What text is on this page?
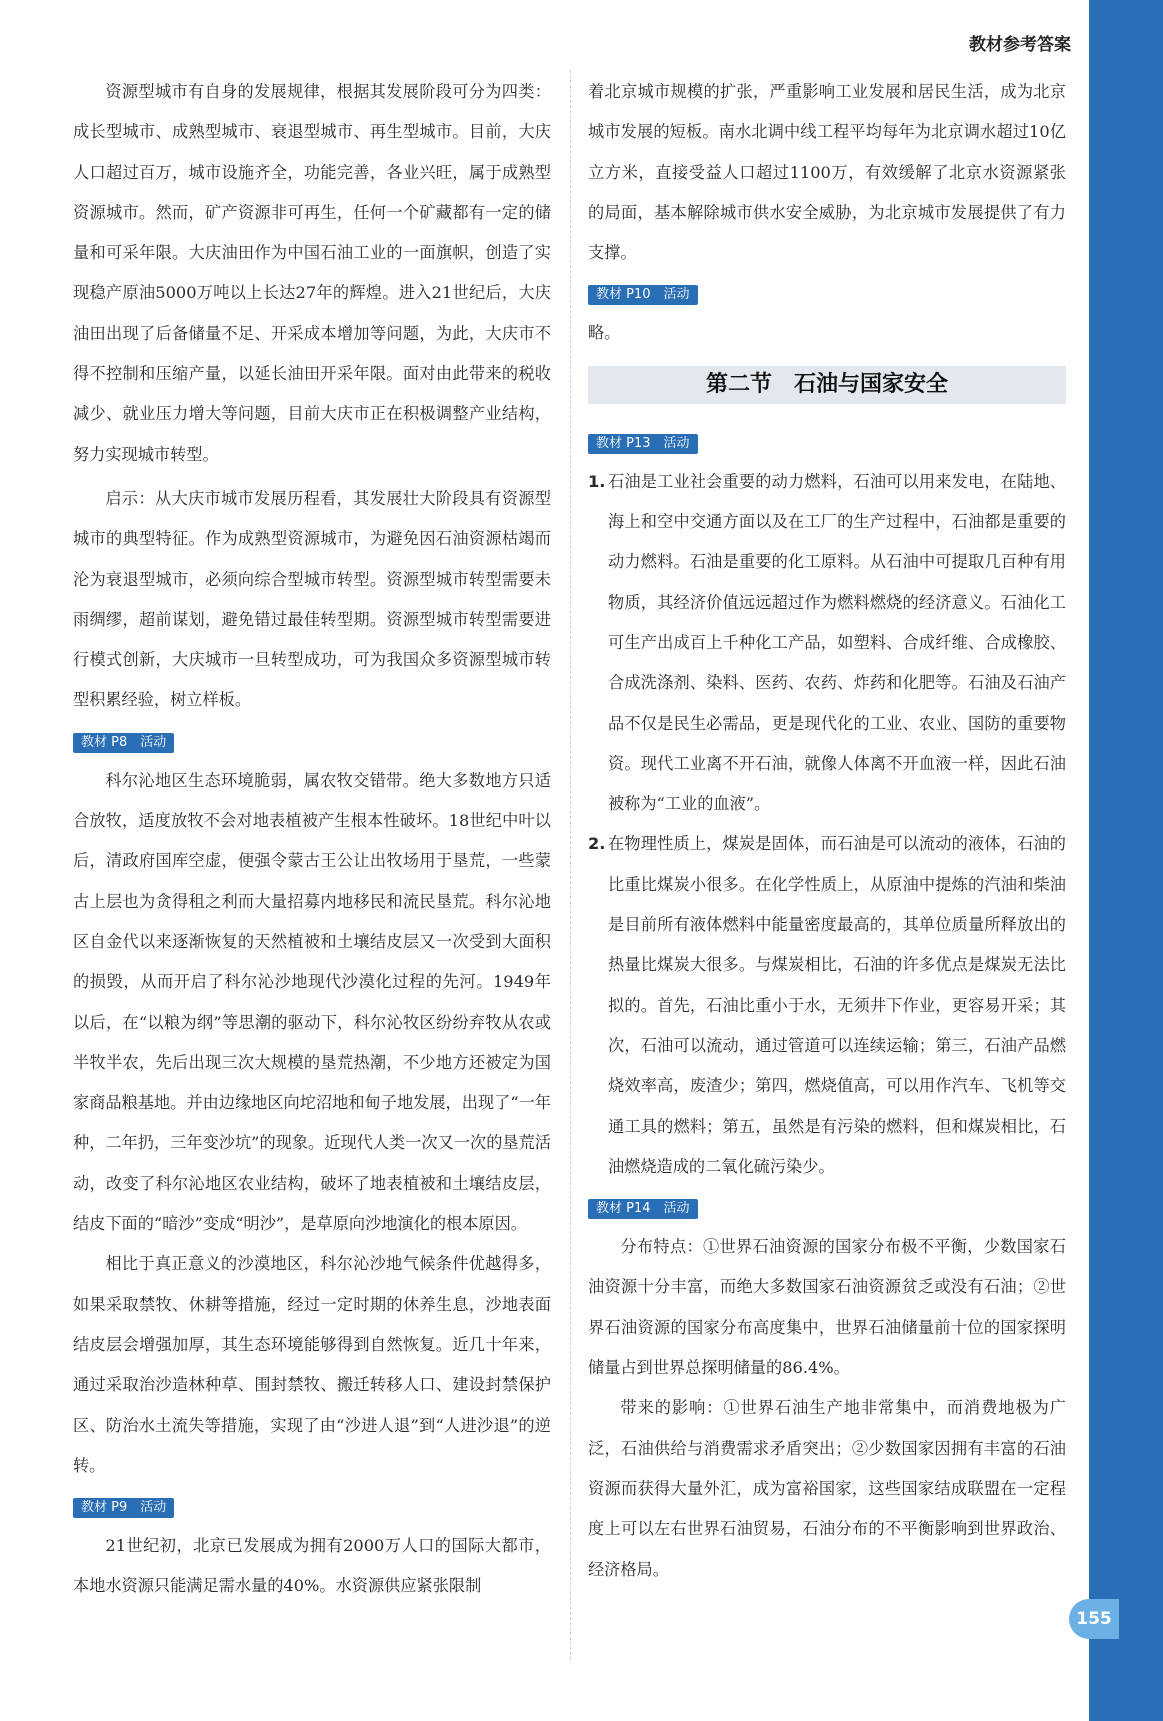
教材参考答案
155

资源型城市有自身的发展规律，根据其发展阶段可分为四类：成长型城市、成熟型城市、衰退型城市、再生型城市。目前，大庆人口超过百万，城市设施齐全，功能完善，各业兴旺，属于成熟型资源城市。然而，矿产资源非可再生，任何一个矿藏都有一定的储量和可采年限。大庆油田作为中国石油工业的一面旗帜，创造了实现稳产原油5000万吨以上长达27年的辉煌。进入21世纪后，大庆油田出现了后备储量不足、开采成本增加等问题，为此，大庆市不得不控制和压缩产量，以延长油田开采年限。面对由此带来的税收减少、就业压力增大等问题，目前大庆市正在积极调整产业结构，努力实现城市转型。

启示：从大庆市城市发展历程看，其发展壮大阶段具有资源型城市的典型特征。作为成熟型资源城市，为避免因石油资源枯竭而沦为衰退型城市，必须向综合型城市转型。资源型城市转型需要未雨绸缪，超前谋划，避免错过最佳转型期。资源型城市转型需要进行模式创新，大庆城市一旦转型成功，可为我国众多资源型城市转型积累经验，树立样板。

教材 P8　活动

科尔沁地区生态环境脆弱，属农牧交错带。绝大多数地方只适合放牧，适度放牧不会对地表植被产生根本性破坏。18世纪中叶以后，清政府国库空虚，便强令蒙古王公让出牧场用于垦荒，一些蒙古上层也为贪得租之利而大量招募内地移民和流民垦荒。科尔沁地区自金代以来逐渐恢复的天然植被和土壤结皮层又一次受到大面积的损毁，从而开启了科尔沁沙地现代沙漠化过程的先河。1949年以后，在“以粮为纲”等思潮的驱动下，科尔沁牧区纷纷弃牧从农或半牧半农，先后出现三次大规模的垦荒热潮，不少地方还被定为国家商品粮基地。并由边缘地区向坨沼地和甸子地发展，出现了“一年种，二年扔，三年变沙坑”的现象。近现代人类一次又一次的垦荒活动，改变了科尔沁地区农业结构，破坏了地表植被和土壤结皮层，结皮下面的“暗沙”变成“明沙”，是草原向沙地演化的根本原因。

相比于真正意义的沙漠地区，科尔沁沙地气候条件优越得多，如果采取禁牧、休耕等措施，经过一定时期的休养生息，沙地表面结皮层会增强加厚，其生态环境能够得到自然恢复。近几十年来，通过采取治沙造林种草、围封禁牧、搬迁转移人口、建设封禁保护区、防治水土流失等措施，实现了由“沙进人退”到“人进沙退”的逆转。

教材 P9　活动

21世纪初，北京已发展成为拥有2000万人口的国际大都市，本地水资源只能满足需水量的40%。水资源供应紧张限制

着北京城市规模的扩张，严重影响工业发展和居民生活，成为北京城市发展的短板。南水北调中线工程平均每年为北京调水超过10亿立方米，直接受益人口超过1100万，有效缓解了北京水资源紧张的局面，基本解除城市供水安全威胁，为北京城市发展提供了有力支撑。

教材 P10　活动

略。

第二节　石油与国家安全
教材 P13　活动
1. 石油是工业社会重要的动力燃料，石油可以用来发电，在陆地、海上和空中交通方面以及在工厂的生产过程中，石油都是重要的动力燃料。石油是重要的化工原料。从石油中可提取几百种有用物质，其经济价值远远超过作为燃料燃烧的经济意义。石油化工可生产出成百上千种化工产品，如塑料、合成纤维、合成橡胶、合成洗涤剂、染料、医药、农药、炸药和化肥等。石油及石油产品不仅是民生必需品，更是现代化的工业、农业、国防的重要物资。现代工业离不开石油，就像人体离不开血液一样，因此石油被称为“工业的血液”。

2. 在物理性质上，煤炭是固体，而石油是可以流动的液体，石油的比重比煤炭小很多。在化学性质上，从原油中提炼的汽油和柴油是目前所有液体燃料中能量密度最高的，其单位质量所释放出的热量比煤炭大很多。与煤炭相比，石油的许多优点是煤炭无法比拟的。首先，石油比重小于水，无须井下作业，更容易开采；其次，石油可以流动，通过管道可以连续运输；第三，石油产品燃烧效率高，废渣少；第四，燃烧值高，可以用作汽车、飞机等交通工具的燃料；第五，虽然是有污染的燃料，但和煤炭相比，石油燃烧造成的二氧化硫污染少。

教材 P14　活动

分布特点：①世界石油资源的国家分布极不平衡，少数国家石油资源十分丰富，而绝大多数国家石油资源贫乏或没有石油；②世界石油资源的国家分布高度集中，世界石油储量前十位的国家探明储量占到世界总探明储量的86.4%。

带来的影响：①世界石油生产地非常集中，而消费地极为广泛，石油供给与消费需求矛盾突出；②少数国家因拥有丰富的石油资源而获得大量外汇，成为富裕国家，这些国家结成联盟在一定程度上可以左右世界石油贸易，石油分布的不平衡影响到世界政治、经济格局。
